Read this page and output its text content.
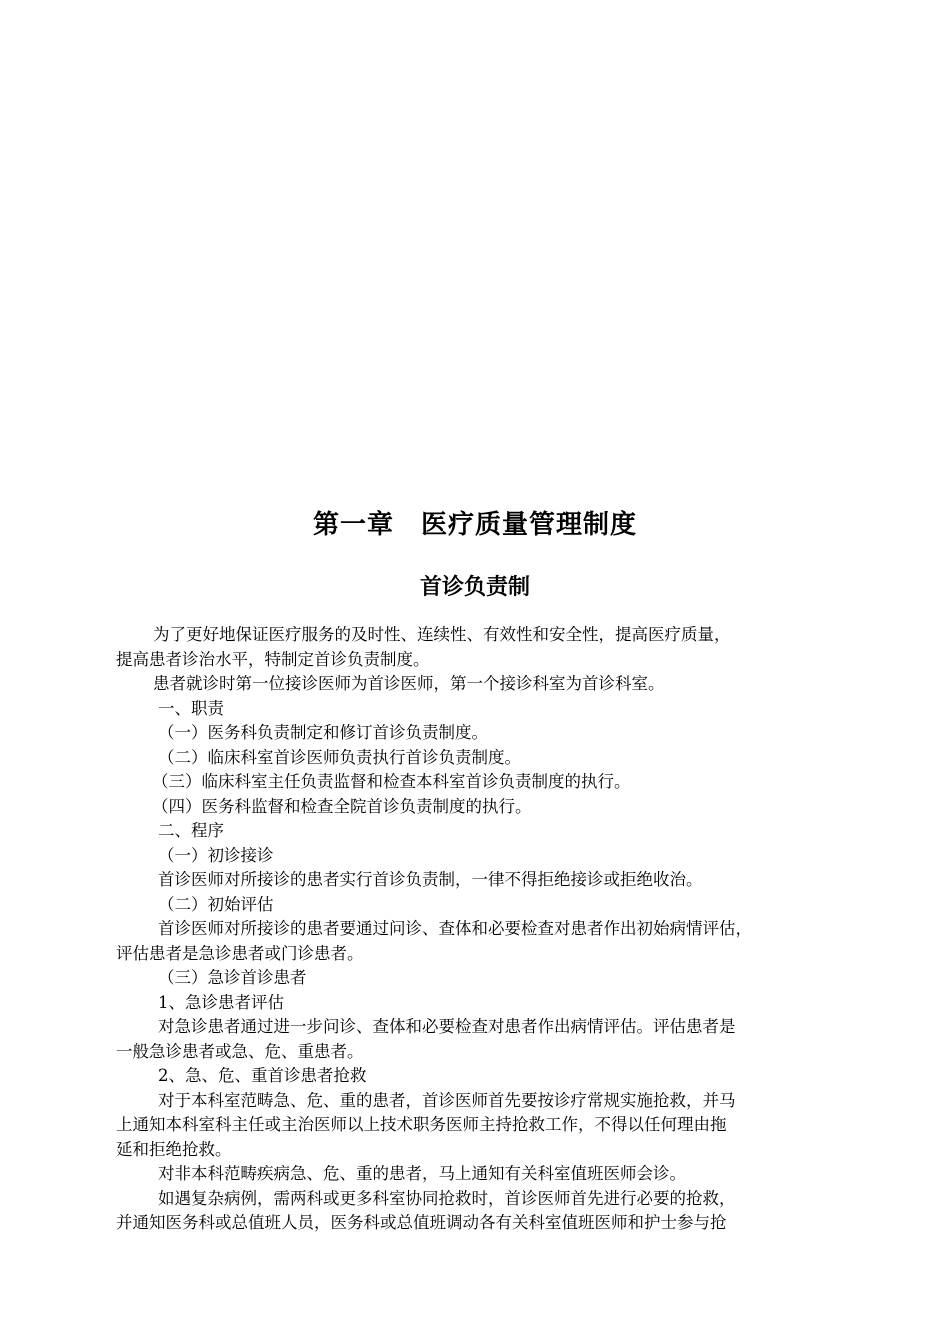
第一章　医疗质量管理制度
首诊负责制
为了更好地保证医疗服务的及时性、连续性、有效性和安全性，提高医疗质量，
提高患者诊治水平，特制定首诊负责制度。
患者就诊时第一位接诊医师为首诊医师，第一个接诊科室为首诊科室。
一、职责
（一）医务科负责制定和修订首诊负责制度。
（二）临床科室首诊医师负责执行首诊负责制度。
（三）临床科室主任负责监督和检查本科室首诊负责制度的执行。
（四）医务科监督和检查全院首诊负责制度的执行。
二、程序
（一）初诊接诊
首诊医师对所接诊的患者实行首诊负责制，一律不得拒绝接诊或拒绝收治。
（二）初始评估
首诊医师对所接诊的患者要通过问诊、查体和必要检查对患者作出初始病情评估，
评估患者是急诊患者或门诊患者。
（三）急诊首诊患者
1、急诊患者评估
对急诊患者通过进一步问诊、查体和必要检查对患者作出病情评估。评估患者是
一般急诊患者或急、危、重患者。
2、急、危、重首诊患者抢救
对于本科室范畴急、危、重的患者，首诊医师首先要按诊疗常规实施抢救，并马
上通知本科室科主任或主治医师以上技术职务医师主持抢救工作，不得以任何理由拖
延和拒绝抢救。
对非本科范畴疾病急、危、重的患者，马上通知有关科室值班医师会诊。
如遇复杂病例，需两科或更多科室协同抢救时，首诊医师首先进行必要的抢救，
并通知医务科或总值班人员，医务科或总值班调动各有关科室值班医师和护士参与抢
